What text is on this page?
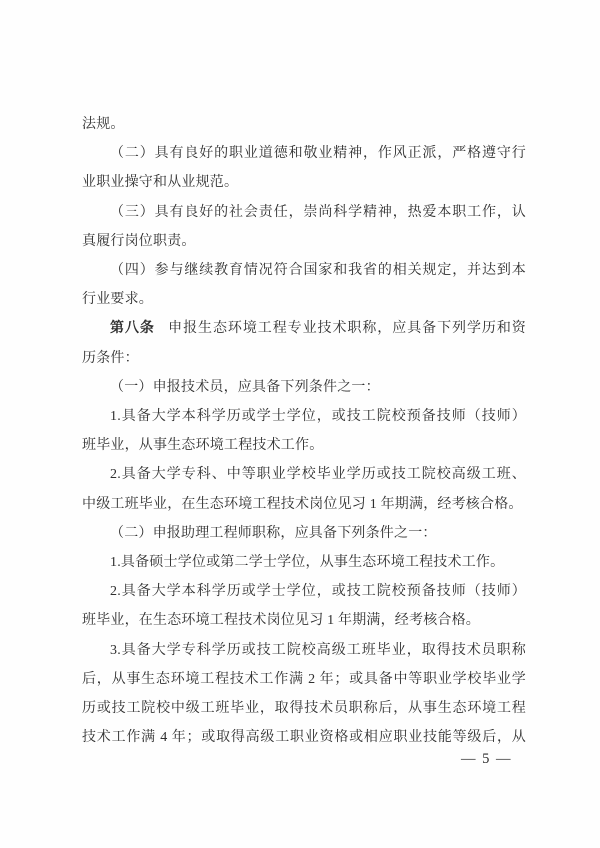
法规。
（二）具有良好的职业道德和敬业精神，作风正派，严格遵守行
业职业操守和从业规范。
（三）具有良好的社会责任，崇尚科学精神，热爱本职工作，认
真履行岗位职责。
（四）参与继续教育情况符合国家和我省的相关规定，并达到本
行业要求。
第八条 申报生态环境工程专业技术职称，应具备下列学历和资
历条件：
（一）申报技术员，应具备下列条件之一：
1.具备大学本科学历或学士学位，或技工院校预备技师（技师）
班毕业，从事生态环境工程技术工作。
2.具备大学专科、中等职业学校毕业学历或技工院校高级工班、
中级工班毕业，在生态环境工程技术岗位见习 1 年期满，经考核合格。
（二）申报助理工程师职称，应具备下列条件之一：
1.具备硕士学位或第二学士学位，从事生态环境工程技术工作。
2.具备大学本科学历或学士学位，或技工院校预备技师（技师）
班毕业，在生态环境工程技术岗位见习 1 年期满，经考核合格。
3.具备大学专科学历或技工院校高级工班毕业，取得技术员职称
后，从事生态环境工程技术工作满 2 年；或具备中等职业学校毕业学
历或技工院校中级工班毕业，取得技术员职称后，从事生态环境工程
技术工作满 4 年；或取得高级工职业资格或相应职业技能等级后，从
— 5 —
